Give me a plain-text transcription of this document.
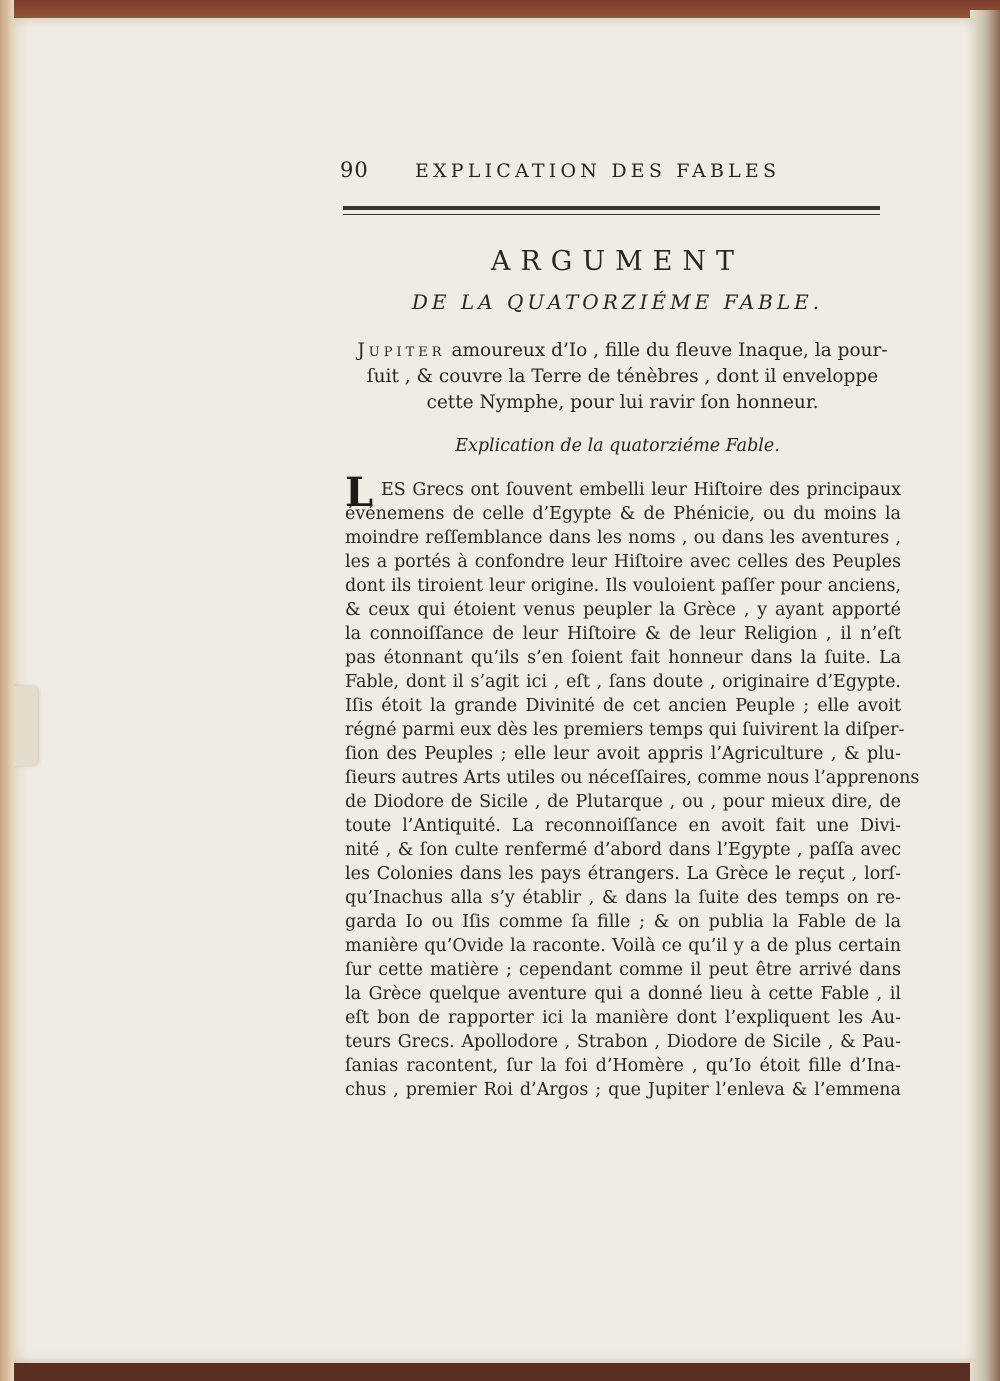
90 EXPLICATION DES FABLES
ARGUMENT
DE LA QUATORZIÉME FABLE.
Jupiter amoureux d’Io , fille du fleuve Inaque, la pour-
ſuit , & couvre la Terre de ténèbres , dont il enveloppe
cette Nymphe, pour lui ravir ſon honneur.
Explication de la quatorziéme Fable.
L ES Grecs ont ſouvent embelli leur Hiſtoire des principaux
événemens de celle d’Egypte & de Phénicie, ou du moins la
moindre reſſemblance dans les noms , ou dans les aventures ,
les a portés à confondre leur Hiſtoire avec celles des Peuples
dont ils tiroient leur origine. Ils vouloient paſſer pour anciens,
& ceux qui étoient venus peupler la Grèce , y ayant apporté
la connoiſſance de leur Hiſtoire & de leur Religion , il n’eſt
pas étonnant qu’ils s’en ſoient fait honneur dans la ſuite. La
Fable, dont il s’agit ici , eſt , ſans doute , originaire d’Egypte.
Iſis étoit la grande Divinité de cet ancien Peuple ; elle avoit
régné parmi eux dès les premiers temps qui ſuivirent la diſper-
ſion des Peuples ; elle leur avoit appris l’Agriculture , & plu-
ſieurs autres Arts utiles ou néceſſaires, comme nous l’apprenons
de Diodore de Sicile , de Plutarque , ou , pour mieux dire, de
toute l’Antiquité. La reconnoiſſance en avoit fait une Divi-
nité , & ſon culte renfermé d’abord dans l’Egypte , paſſa avec
les Colonies dans les pays étrangers. La Grèce le reçut , lorſ-
qu’Inachus alla s’y établir , & dans la ſuite des temps on re-
garda Io ou Iſis comme ſa fille ; & on publia la Fable de la
manière qu’Ovide la raconte. Voilà ce qu’il y a de plus certain
ſur cette matière ; cependant comme il peut être arrivé dans
la Grèce quelque aventure qui a donné lieu à cette Fable , il
eſt bon de rapporter ici la manière dont l’expliquent les Au-
teurs Grecs. Apollodore , Strabon , Diodore de Sicile , & Pau-
ſanias racontent, ſur la foi d’Homère , qu’Io étoit fille d’Ina-
chus , premier Roi d’Argos ; que Jupiter l’enleva & l’emmena
